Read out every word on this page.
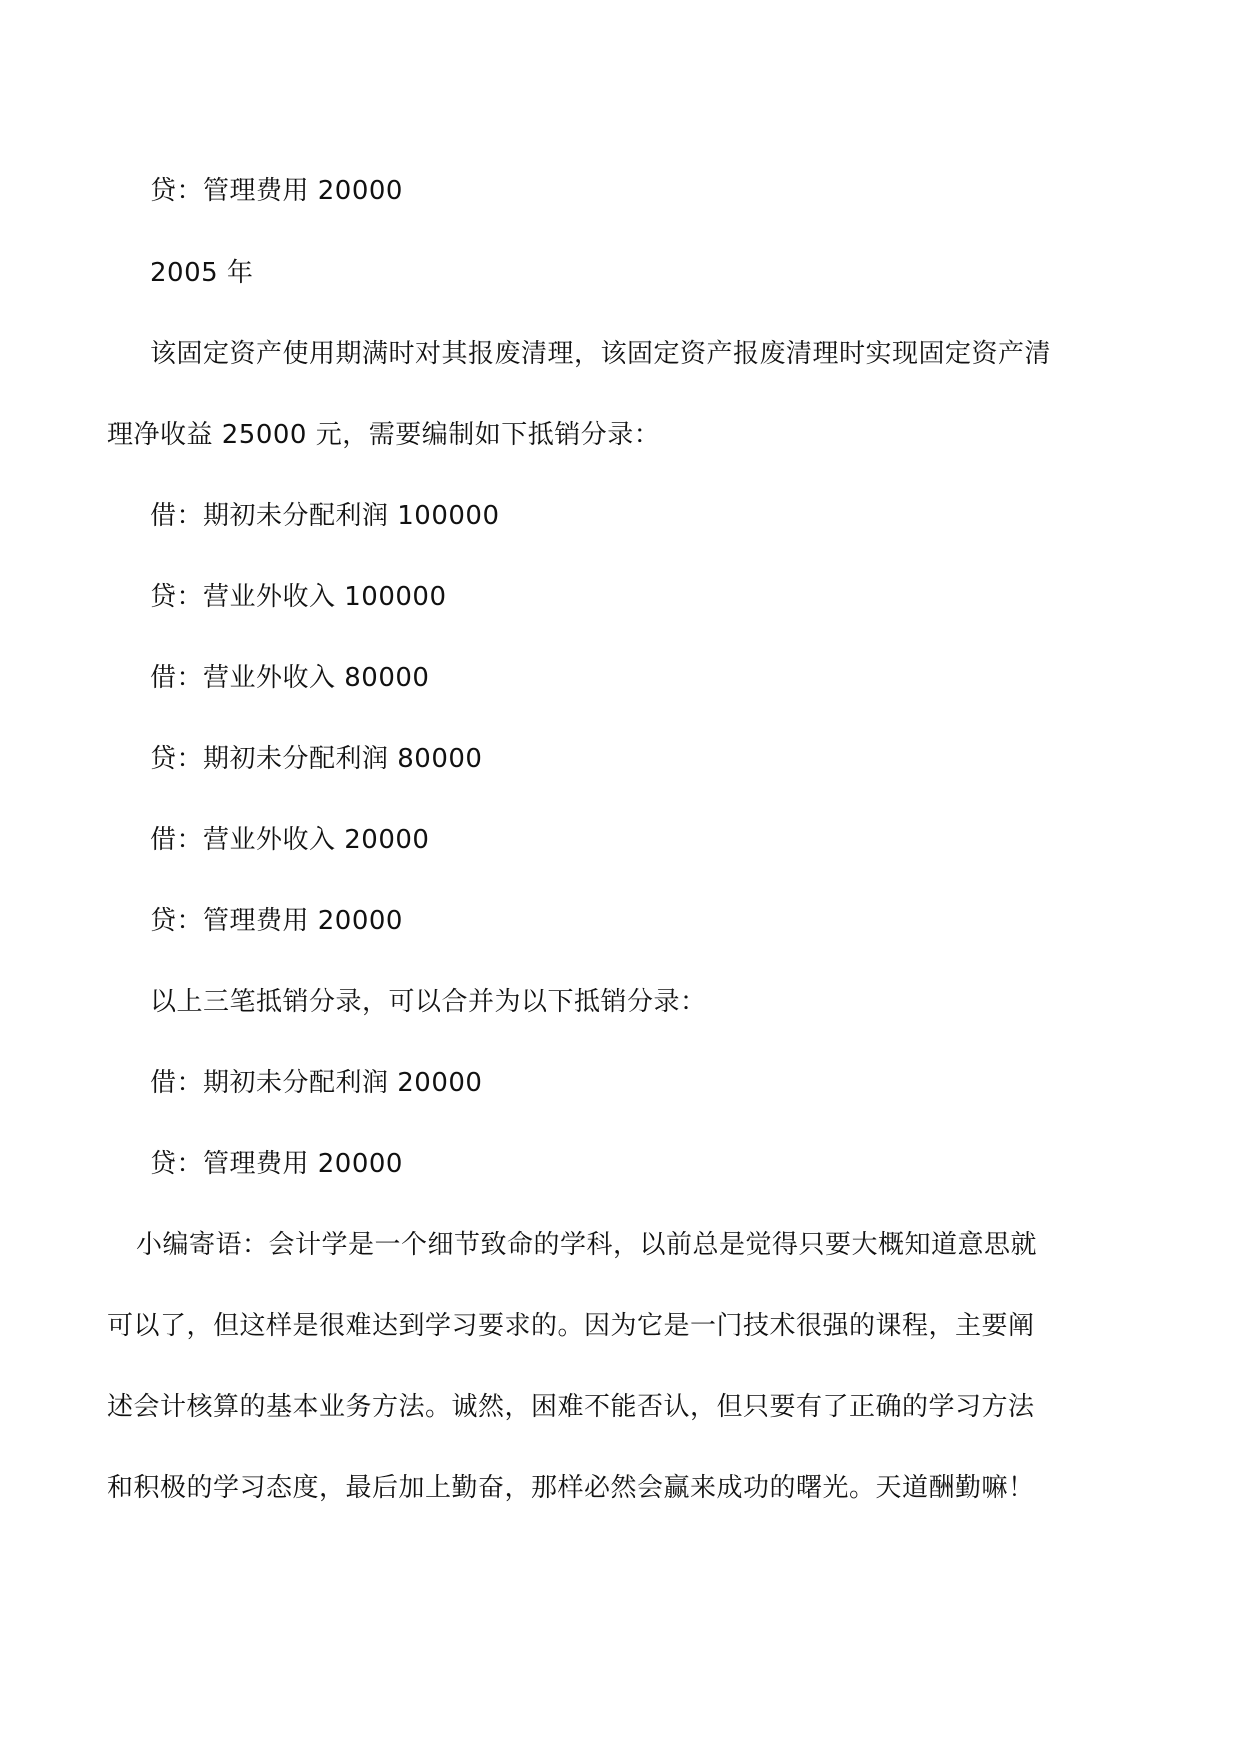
贷：管理费用 20000
2005 年
该固定资产使用期满时对其报废清理，该固定资产报废清理时实现固定资产清
理净收益 25000 元，需要编制如下抵销分录：
借：期初未分配利润 100000
贷：营业外收入 100000
借：营业外收入 80000
贷：期初未分配利润 80000
借：营业外收入 20000
贷：管理费用 20000
以上三笔抵销分录，可以合并为以下抵销分录：
借：期初未分配利润 20000
贷：管理费用 20000
小编寄语：会计学是一个细节致命的学科，以前总是觉得只要大概知道意思就
可以了，但这样是很难达到学习要求的。因为它是一门技术很强的课程，主要阐
述会计核算的基本业务方法。诚然，困难不能否认，但只要有了正确的学习方法
和积极的学习态度，最后加上勤奋，那样必然会赢来成功的曙光。天道酬勤嘛！
